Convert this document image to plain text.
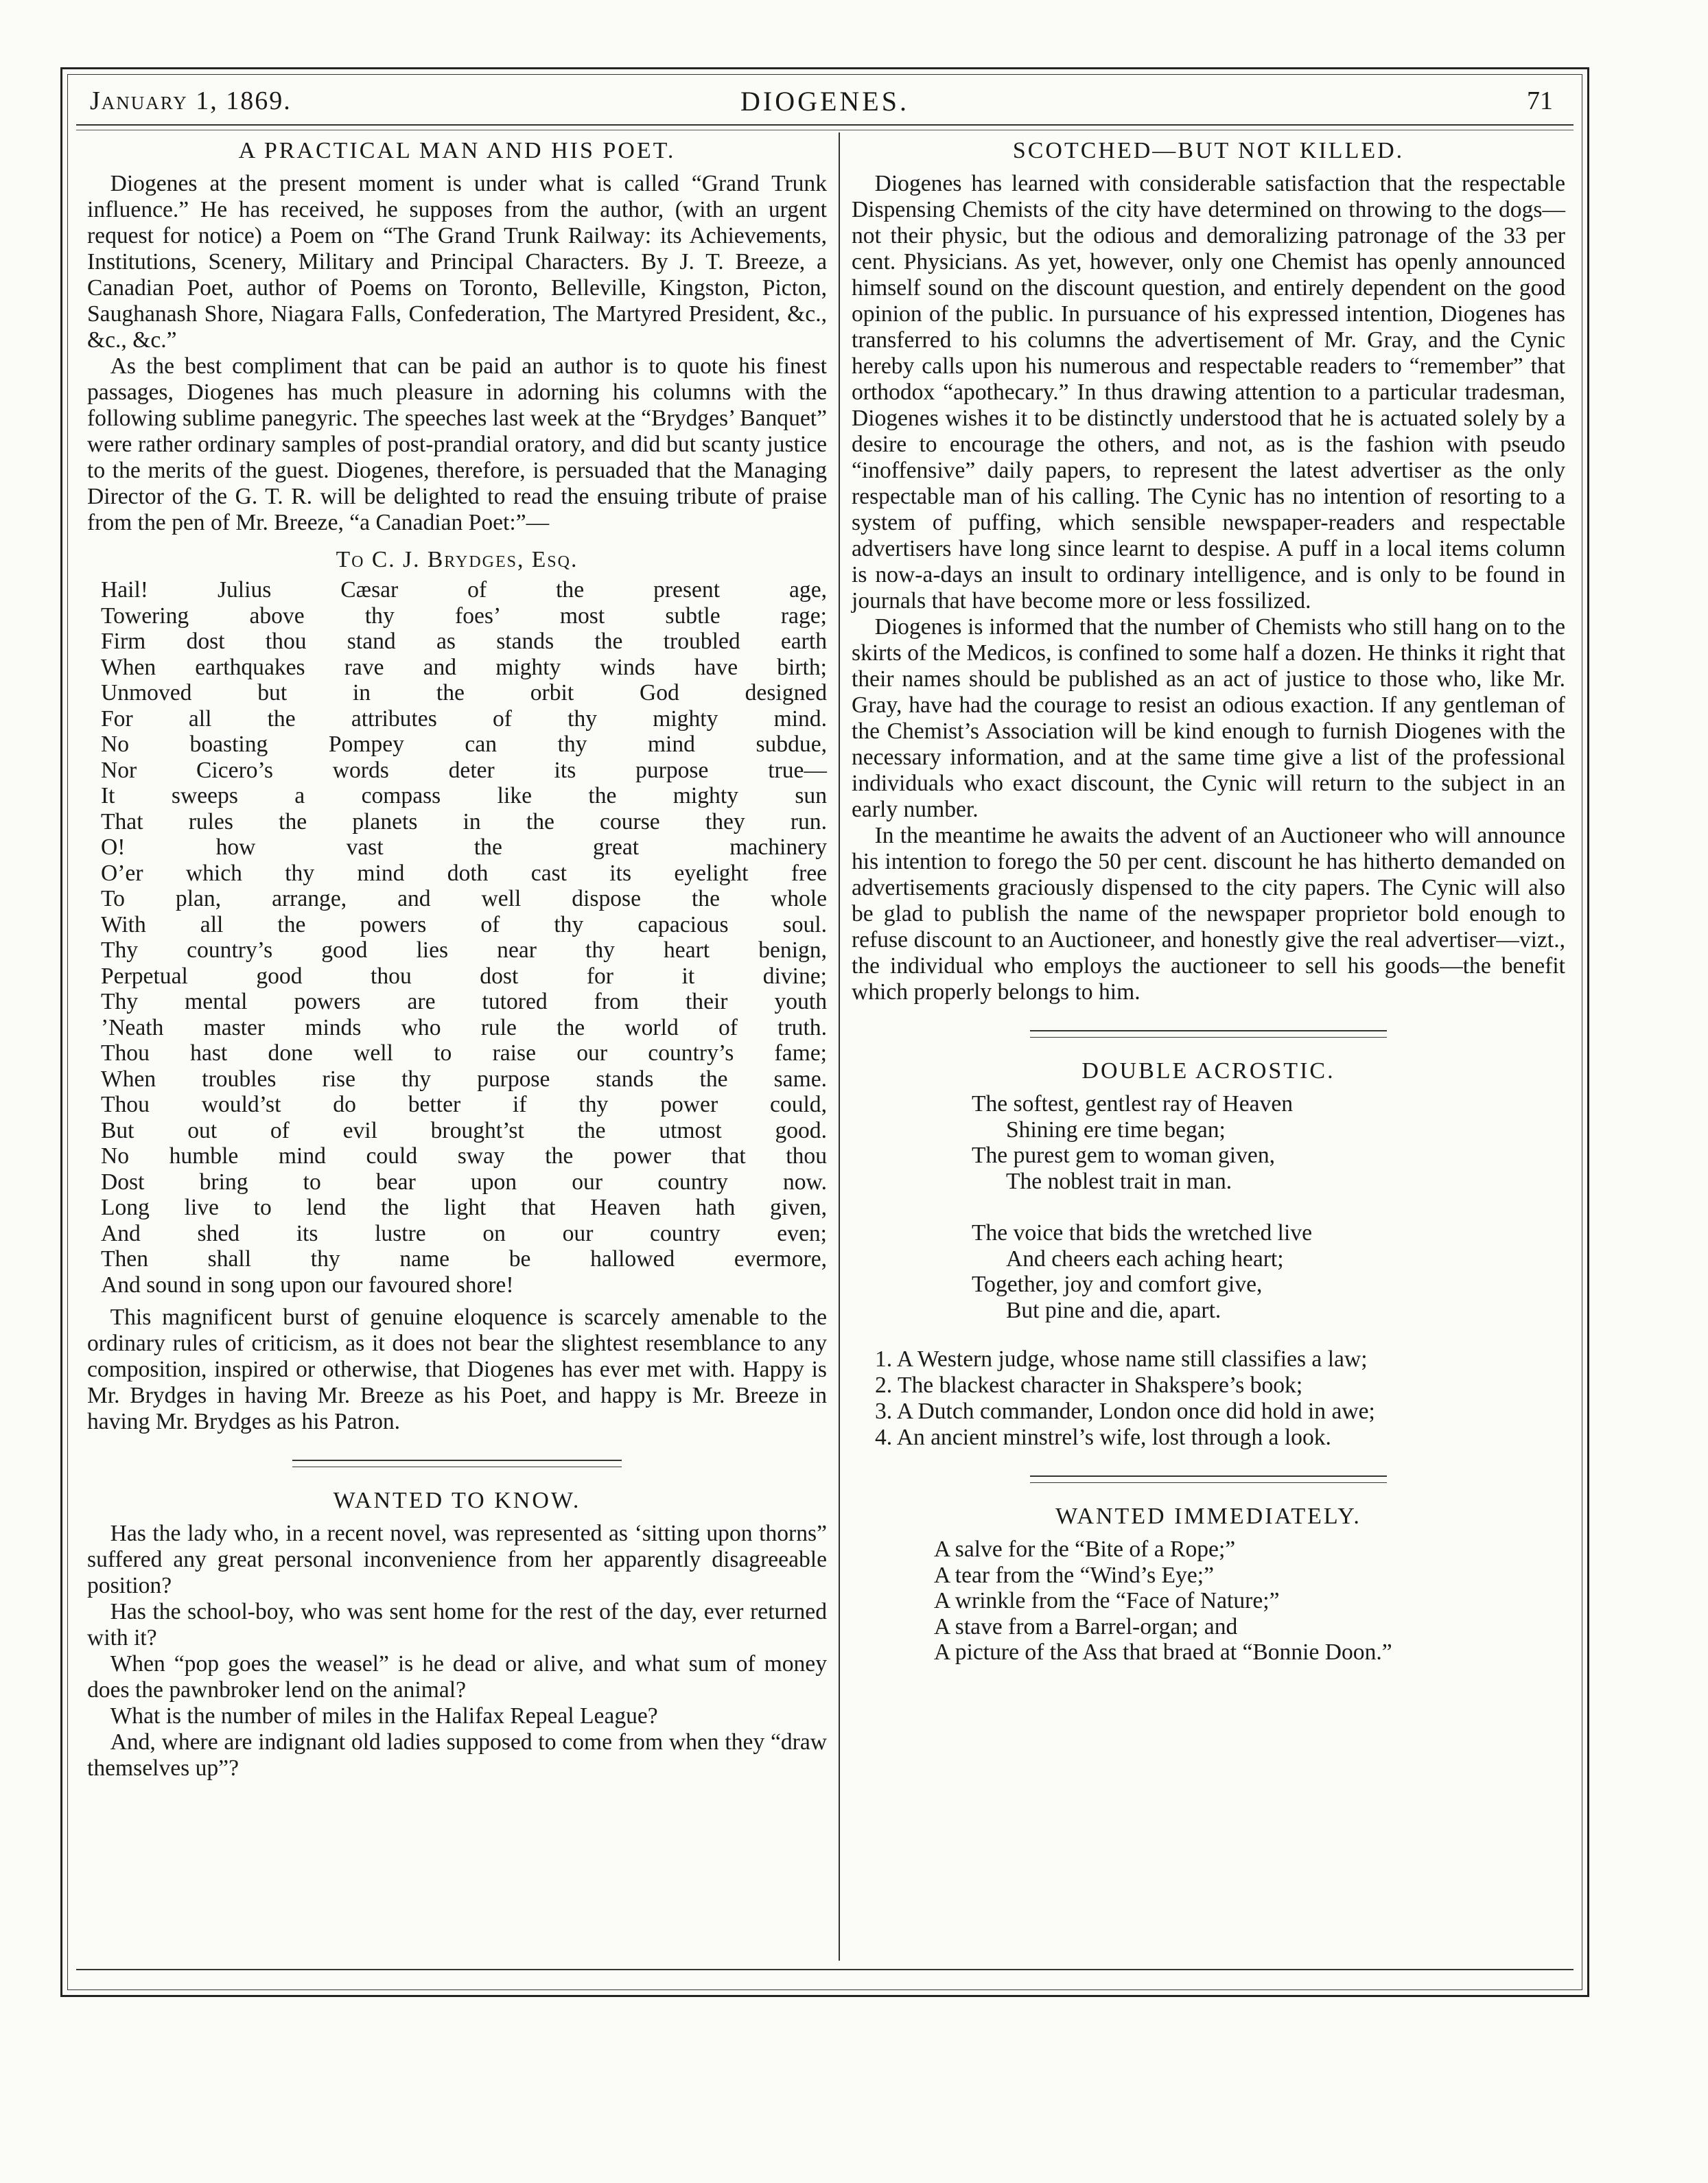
January 1, 1869.	DIOGENES.	71
A PRACTICAL MAN AND HIS POET.

Diogenes at the present moment is under what is called “Grand Trunk influence.” He has received, he supposes from the author, (with an urgent request for notice) a Poem on “The Grand Trunk Railway: its Achievements, Institutions, Scenery, Military and Principal Characters. By J. T. Breeze, a Canadian Poet, author of Poems on Toronto, Belleville, Kingston, Picton, Saughanash Shore, Niagara Falls, Confederation, The Martyred President, &c., &c., &c.”

As the best compliment that can be paid an author is to quote his finest passages, Diogenes has much pleasure in adorning his columns with the following sublime panegyric. The speeches last week at the “Brydges’ Banquet” were rather ordinary samples of post-prandial oratory, and did but scanty justice to the merits of the guest. Diogenes, therefore, is persuaded that the Managing Director of the G. T. R. will be delighted to read the ensuing tribute of praise from the pen of Mr. Breeze, “a Canadian Poet:”—

To C. J. Brydges, Esq.
Hail! Julius Cæsar of the present age,
Towering above thy foes’ most subtle rage;
Firm dost thou stand as stands the troubled earth
When earthquakes rave and mighty winds have birth;
Unmoved but in the orbit God designed
For all the attributes of thy mighty mind.
No boasting Pompey can thy mind subdue,
Nor Cicero’s words deter its purpose true—
It sweeps a compass like the mighty sun
That rules the planets in the course they run.
O! how vast the great machinery
O’er which thy mind doth cast its eyelight free
To plan, arrange, and well dispose the whole
With all the powers of thy capacious soul.
Thy country’s good lies near thy heart benign,
Perpetual good thou dost for it divine;
Thy mental powers are tutored from their youth
’Neath master minds who rule the world of truth.
Thou hast done well to raise our country’s fame;
When troubles rise thy purpose stands the same.
Thou would’st do better if thy power could,
But out of evil brought’st the utmost good.
No humble mind could sway the power that thou
Dost bring to bear upon our country now.
Long live to lend the light that Heaven hath given,
And shed its lustre on our country even;
Then shall thy name be hallowed evermore,
And sound in song upon our favoured shore!

This magnificent burst of genuine eloquence is scarcely amenable to the ordinary rules of criticism, as it does not bear the slightest resemblance to any composition, inspired or otherwise, that Diogenes has ever met with. Happy is Mr. Brydges in having Mr. Breeze as his Poet, and happy is Mr. Breeze in having Mr. Brydges as his Patron.

WANTED TO KNOW.

Has the lady who, in a recent novel, was represented as ‘sitting upon thorns” suffered any great personal inconvenience from her apparently disagreeable position?

Has the school-boy, who was sent home for the rest of the day, ever returned with it?

When “pop goes the weasel” is he dead or alive, and what sum of money does the pawnbroker lend on the animal?

What is the number of miles in the Halifax Repeal League?

And, where are indignant old ladies supposed to come from when they “draw themselves up”?

SCOTCHED—BUT NOT KILLED.

Diogenes has learned with considerable satisfaction that the respectable Dispensing Chemists of the city have determined on throwing to the dogs—not their physic, but the odious and demoralizing patronage of the 33 per cent. Physicians. As yet, however, only one Chemist has openly announced himself sound on the discount question, and entirely dependent on the good opinion of the public. In pursuance of his expressed intention, Diogenes has transferred to his columns the advertisement of Mr. Gray, and the Cynic hereby calls upon his numerous and respectable readers to “remember” that orthodox “apothecary.” In thus drawing attention to a particular tradesman, Diogenes wishes it to be distinctly understood that he is actuated solely by a desire to encourage the others, and not, as is the fashion with pseudo “inoffensive” daily papers, to represent the latest advertiser as the only respectable man of his calling. The Cynic has no intention of resorting to a system of puffing, which sensible newspaper-readers and respectable advertisers have long since learnt to despise. A puff in a local items column is now-a-days an insult to ordinary intelligence, and is only to be found in journals that have become more or less fossilized.

Diogenes is informed that the number of Chemists who still hang on to the skirts of the Medicos, is confined to some half a dozen. He thinks it right that their names should be published as an act of justice to those who, like Mr. Gray, have had the courage to resist an odious exaction. If any gentleman of the Chemist’s Association will be kind enough to furnish Diogenes with the necessary information, and at the same time give a list of the professional individuals who exact discount, the Cynic will return to the subject in an early number.

In the meantime he awaits the advent of an Auctioneer who will announce his intention to forego the 50 per cent. discount he has hitherto demanded on advertisements graciously dispensed to the city papers. The Cynic will also be glad to publish the name of the newspaper proprietor bold enough to refuse discount to an Auctioneer, and honestly give the real advertiser—vizt., the individual who employs the auctioneer to sell his goods—the benefit which properly belongs to him.

DOUBLE ACROSTIC.
The softest, gentlest ray of Heaven
Shining ere time began;
The purest gem to woman given,
The noblest trait in man.
The voice that bids the wretched live
And cheers each aching heart;
Together, joy and comfort give,
But pine and die, apart.
1. A Western judge, whose name still classifies a law;
2. The blackest character in Shakspere’s book;
3. A Dutch commander, London once did hold in awe;
4. An ancient minstrel’s wife, lost through a look.
WANTED IMMEDIATELY.
A salve for the “Bite of a Rope;”
A tear from the “Wind’s Eye;”
A wrinkle from the “Face of Nature;”
A stave from a Barrel-organ; and
A picture of the Ass that braed at “Bonnie Doon.”
